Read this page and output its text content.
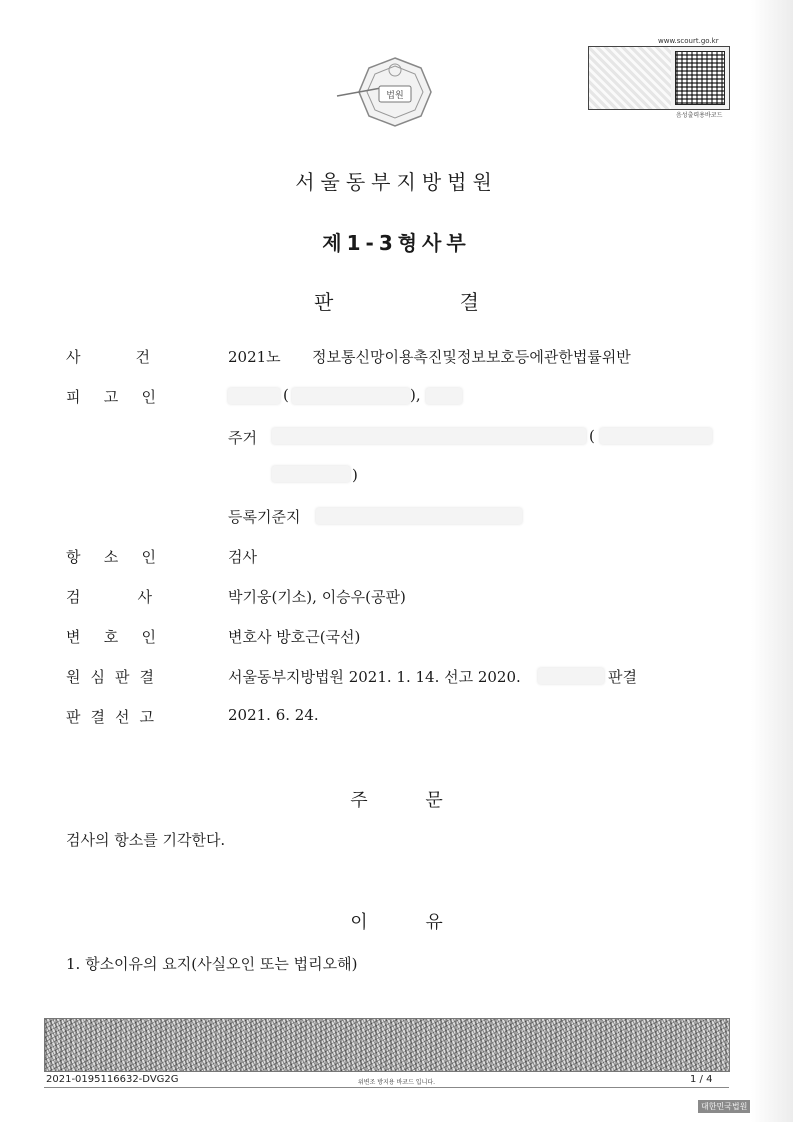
www.scourt.go.kr
음성출력용바코드
법원
서울동부지방법원
제1-3형사부
판 결
사	건	2021노 정보통신망이용촉진및정보보호등에관한법률위반
피 고 인	(	),
주거	(
)
등록기준지
항 소 인	검사
검	사	박기웅(기소), 이승우(공판)
변 호 인	변호사 방호근(국선)
원 심 판 결	서울동부지방법원 2021. 1. 14. 선고 2020.	판결
판 결 선 고	2021. 6. 24.
주 문
검사의 항소를 기각한다.
이 유
1. 항소이유의 요지(사실오인 또는 법리오해)
2021-0195116632-DVG2G	위변조 방지용 바코드 입니다.	1 / 4
대한민국법원
